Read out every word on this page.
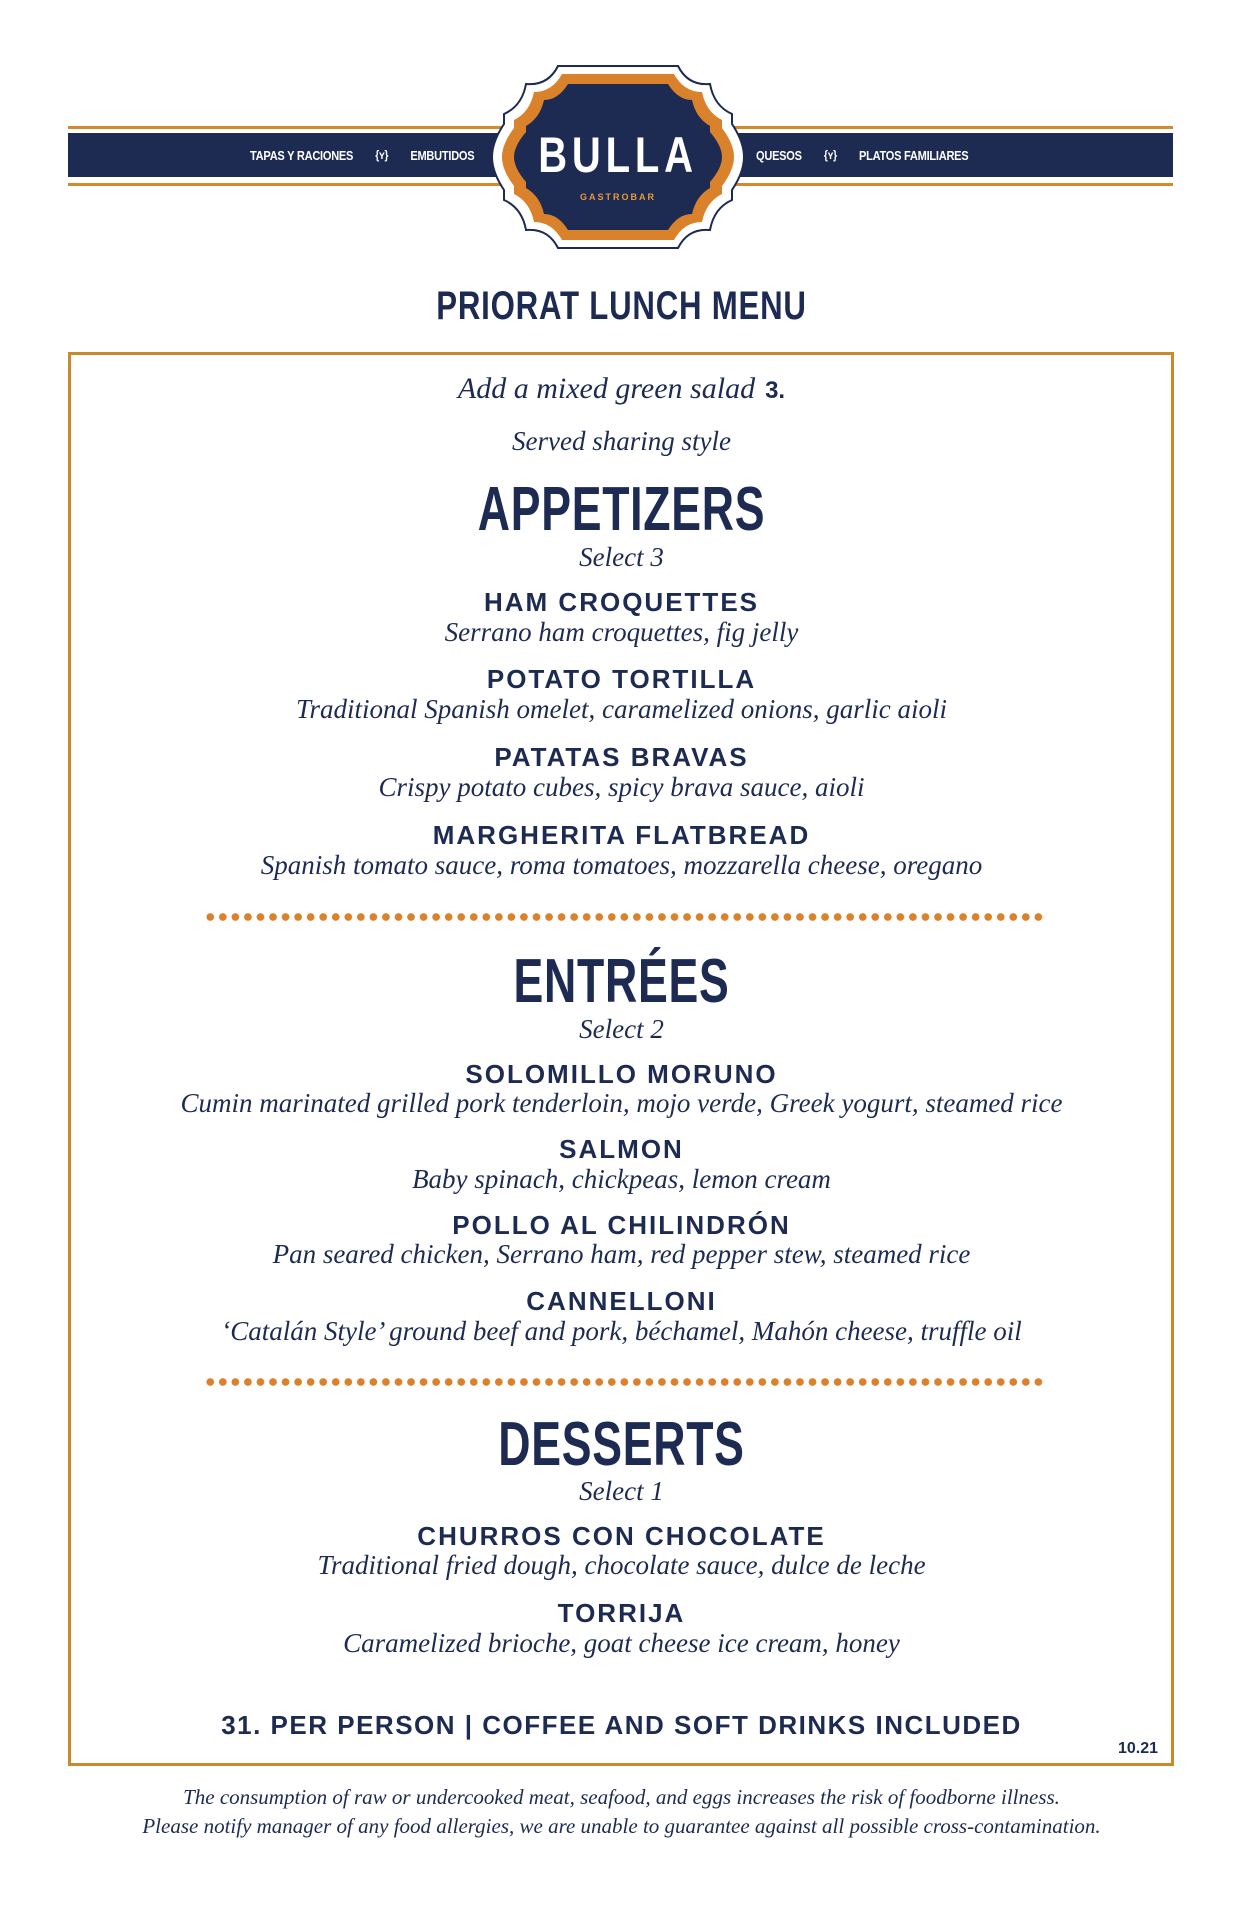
TAPAS Y RACIONES {ʏ} EMBUTIDOS	QUESOS {ʏ} PLATOS FAMILIARES
BULLA
GASTROBAR
PRIORAT LUNCH MENU
Add a mixed green salad 3.
Served sharing style
APPETIZERS
Select 3
HAM CROQUETTES
Serrano ham croquettes, fig jelly
POTATO TORTILLA
Traditional Spanish omelet, caramelized onions, garlic aioli
PATATAS BRAVAS
Crispy potato cubes, spicy brava sauce, aioli
MARGHERITA FLATBREAD
Spanish tomato sauce, roma tomatoes, mozzarella cheese, oregano
ENTRÉES
Select 2
SOLOMILLO MORUNO
Cumin marinated grilled pork tenderloin, mojo verde, Greek yogurt, steamed rice
SALMON
Baby spinach, chickpeas, lemon cream
POLLO AL CHILINDRÓN
Pan seared chicken, Serrano ham, red pepper stew, steamed rice
CANNELLONI
‘Catalán Style’ ground beef and pork, béchamel, Mahón cheese, truffle oil
DESSERTS
Select 1
CHURROS CON CHOCOLATE
Traditional fried dough, chocolate sauce, dulce de leche
TORRIJA
Caramelized brioche, goat cheese ice cream, honey
31. PER PERSON | COFFEE AND SOFT DRINKS INCLUDED
10.21
The consumption of raw or undercooked meat, seafood, and eggs increases the risk of foodborne illness.
Please notify manager of any food allergies, we are unable to guarantee against all possible cross-contamination.
